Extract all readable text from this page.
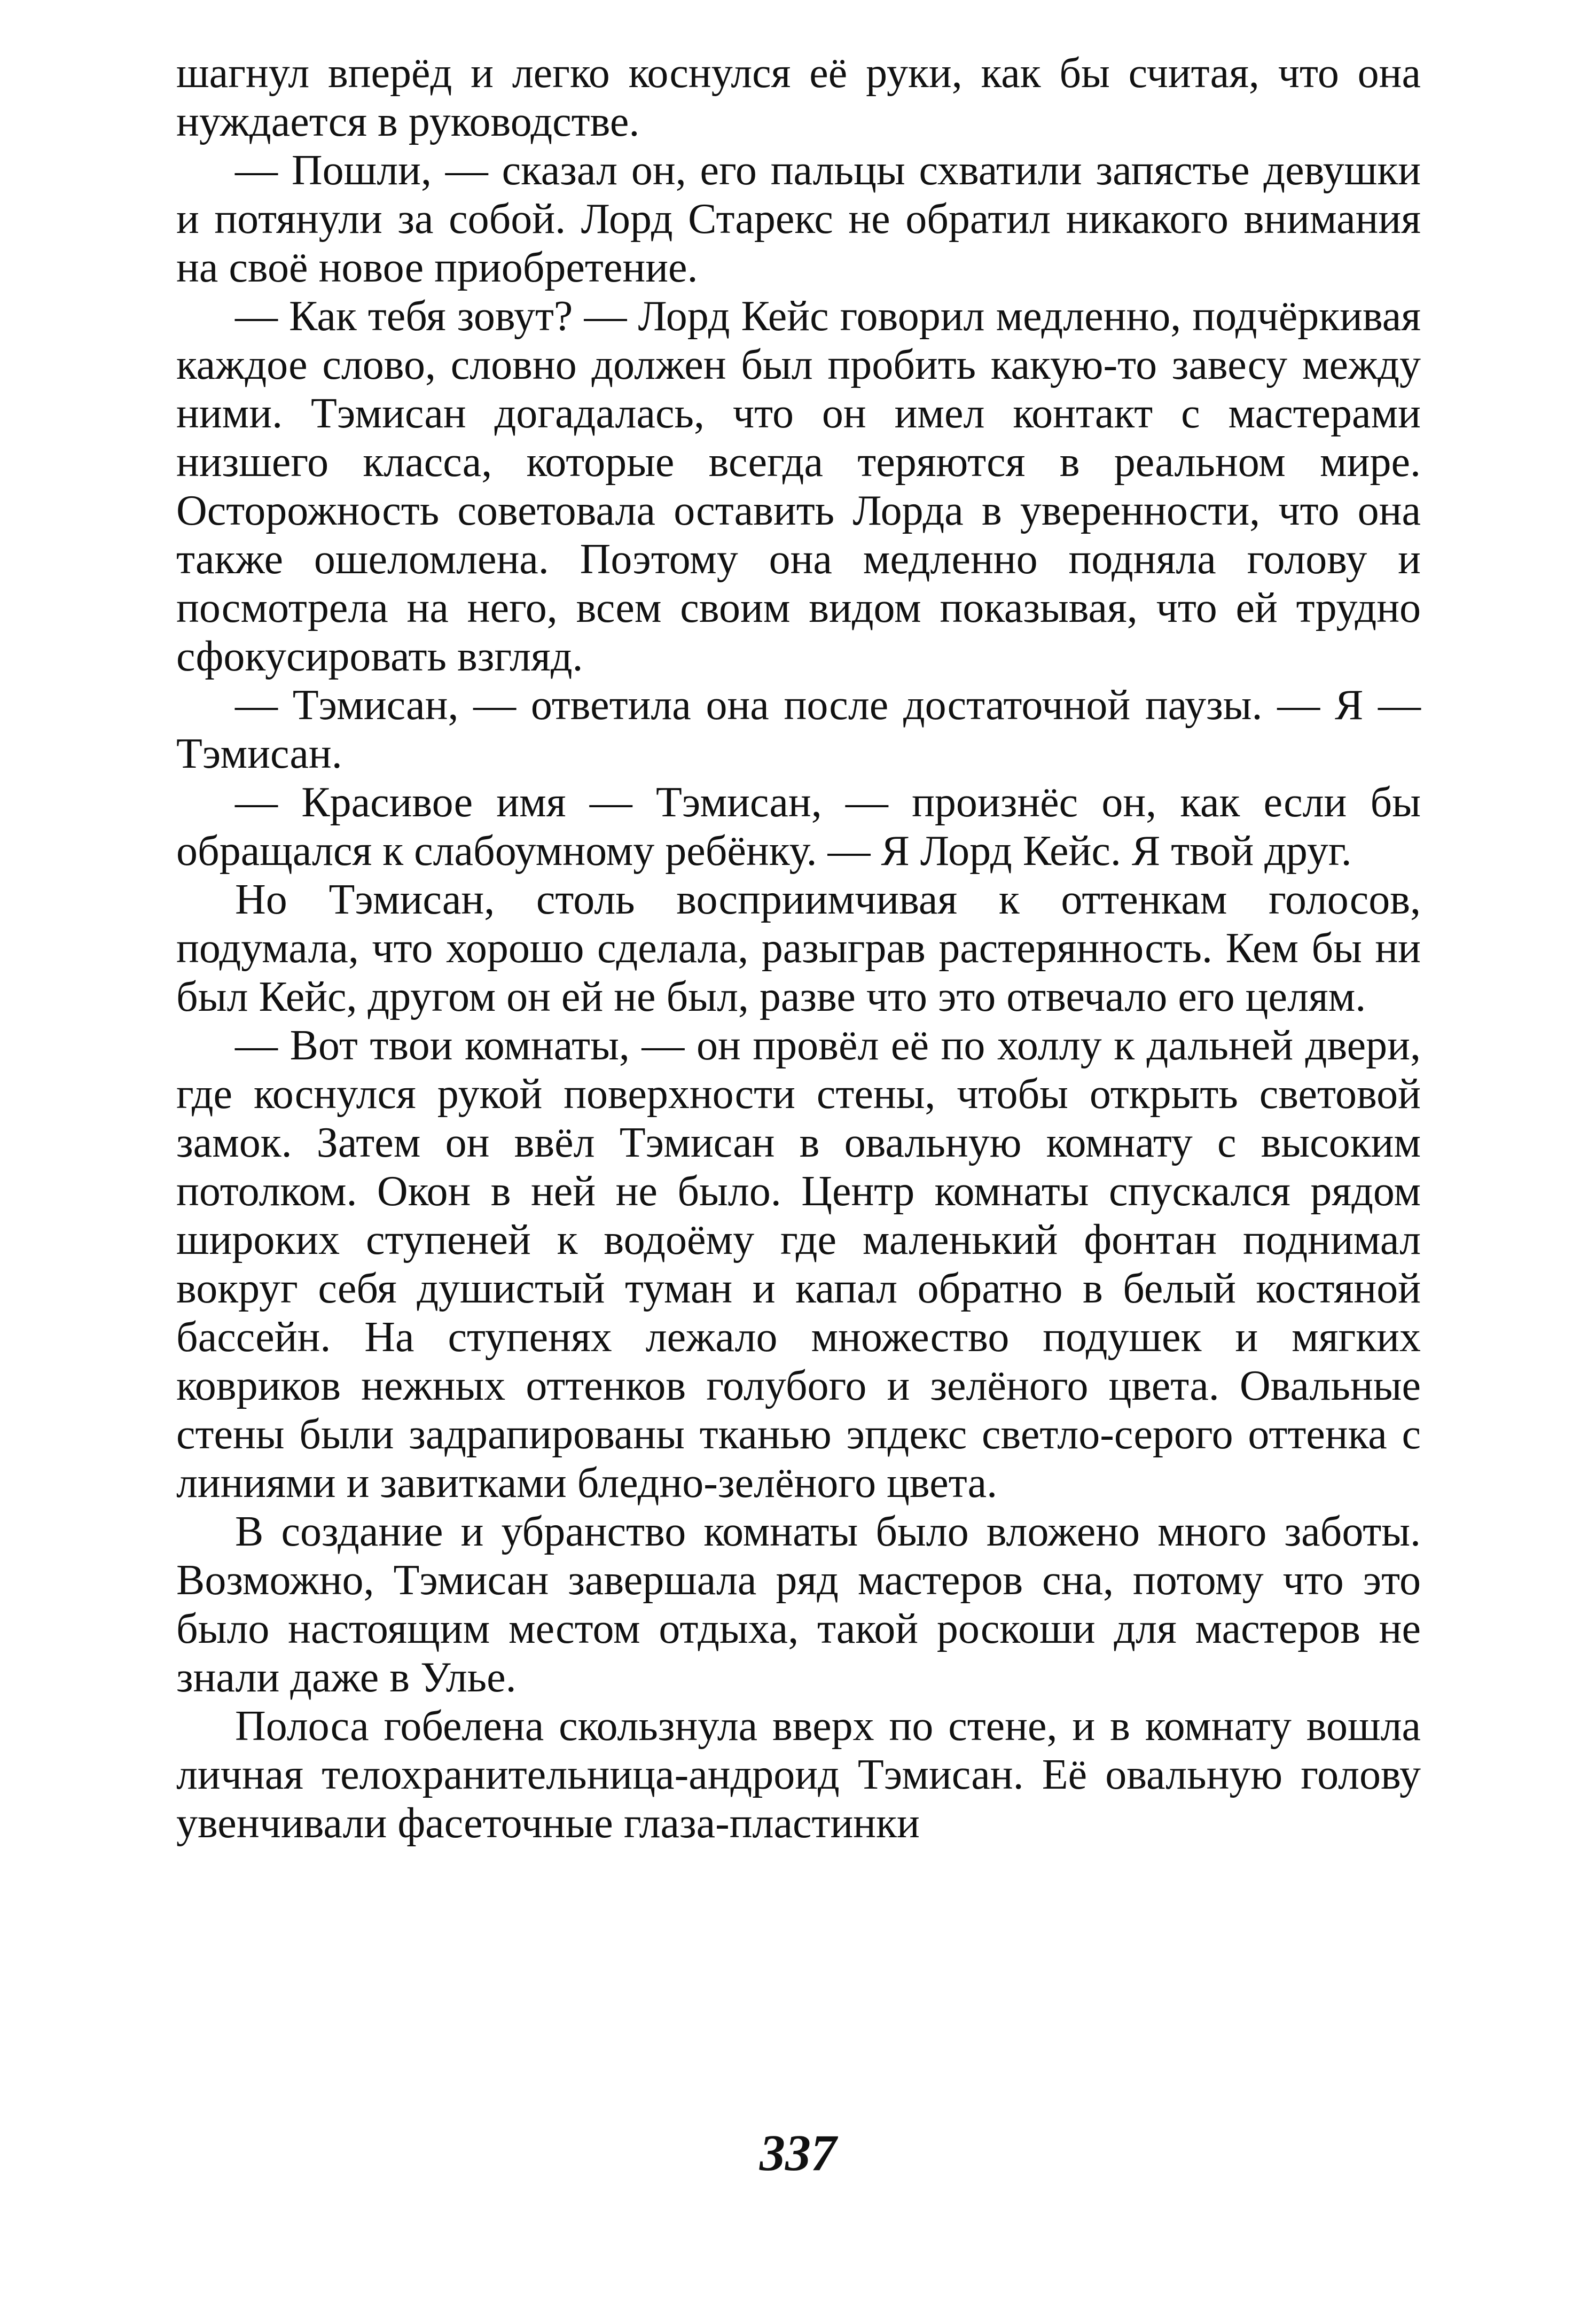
шагнул вперёд и легко коснулся её руки, как бы считая, что она нуждается в руководстве.

— Пошли, — сказал он, его пальцы схватили запястье девушки и потянули за собой. Лорд Старекс не обратил никакого внимания на своё новое приобретение.

— Как тебя зовут? — Лорд Кейс говорил медленно, подчёркивая каждое слово, словно должен был пробить какую-то завесу между ними. Тэмисан догадалась, что он имел контакт с мастерами низшего класса, которые всегда теряются в реальном мире. Осторожность советовала оставить Лорда в уверенности, что она также ошеломлена. Поэтому она медленно подняла голову и посмотрела на него, всем своим видом показывая, что ей трудно сфокусировать взгляд.

— Тэмисан, — ответила она после достаточной паузы. — Я — Тэмисан.

— Красивое имя — Тэмисан, — произнёс он, как если бы обращался к слабоумному ребёнку. — Я Лорд Кейс. Я твой друг.

Но Тэмисан, столь восприимчивая к оттенкам голосов, подумала, что хорошо сделала, разыграв растерянность. Кем бы ни был Кейс, другом он ей не был, разве что это отвечало его целям.

— Вот твои комнаты, — он провёл её по холлу к дальней двери, где коснулся рукой поверхности стены, чтобы открыть световой замок. Затем он ввёл Тэмисан в овальную комнату с высоким потолком. Окон в ней не было. Центр комнаты спускался рядом широких ступеней к водоёму где маленький фонтан поднимал вокруг себя душистый туман и капал обратно в белый костяной бассейн. На ступенях лежало множество подушек и мягких ковриков нежных оттенков голубого и зелёного цвета. Овальные стены были задрапированы тканью эпдекс светло-серого оттенка с линиями и завитками бледно-зелёного цвета.

В создание и убранство комнаты было вложено много заботы. Возможно, Тэмисан завершала ряд мастеров сна, потому что это было настоящим местом отдыха, такой роскоши для мастеров не знали даже в Улье.

Полоса гобелена скользнула вверх по стене, и в комнату вошла личная телохранительница-андроид Тэмисан. Её овальную голову увенчивали фасеточные глаза-пластинки

337
